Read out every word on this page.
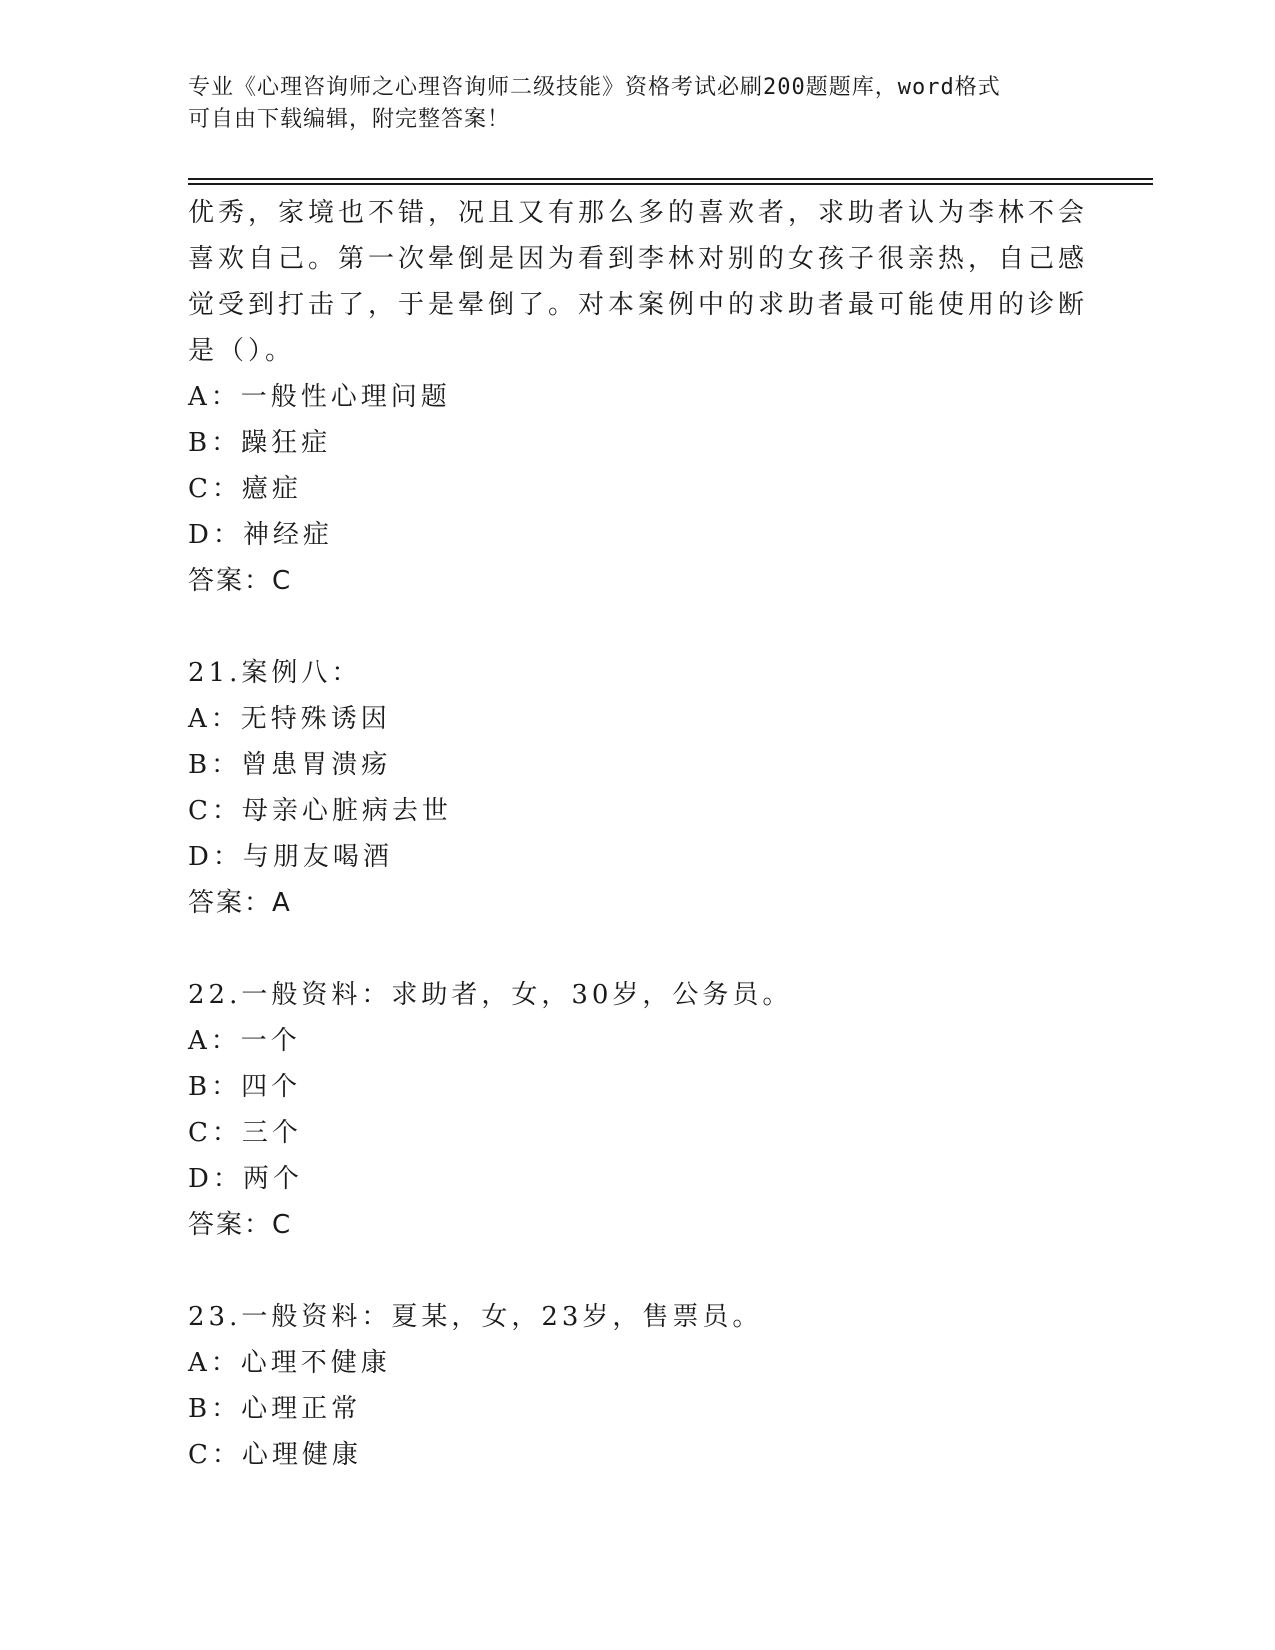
专业《心理咨询师之心理咨询师二级技能》资格考试必刷200题题库，word格式
可自由下载编辑，附完整答案！
优秀，家境也不错，况且又有那么多的喜欢者，求助者认为李林不会
喜欢自己。第一次晕倒是因为看到李林对别的女孩子很亲热，自己感
觉受到打击了，于是晕倒了。对本案例中的求助者最可能使用的诊断
是（）。
A：一般性心理问题
B：躁狂症
C：癔症
D：神经症
答案：C
21.案例八：
A：无特殊诱因
B：曾患胃溃疡
C：母亲心脏病去世
D：与朋友喝酒
答案：A
22.一般资料：求助者，女，30岁，公务员。
A：一个
B：四个
C：三个
D：两个
答案：C
23.一般资料：夏某，女，23岁，售票员。
A：心理不健康
B：心理正常
C：心理健康
